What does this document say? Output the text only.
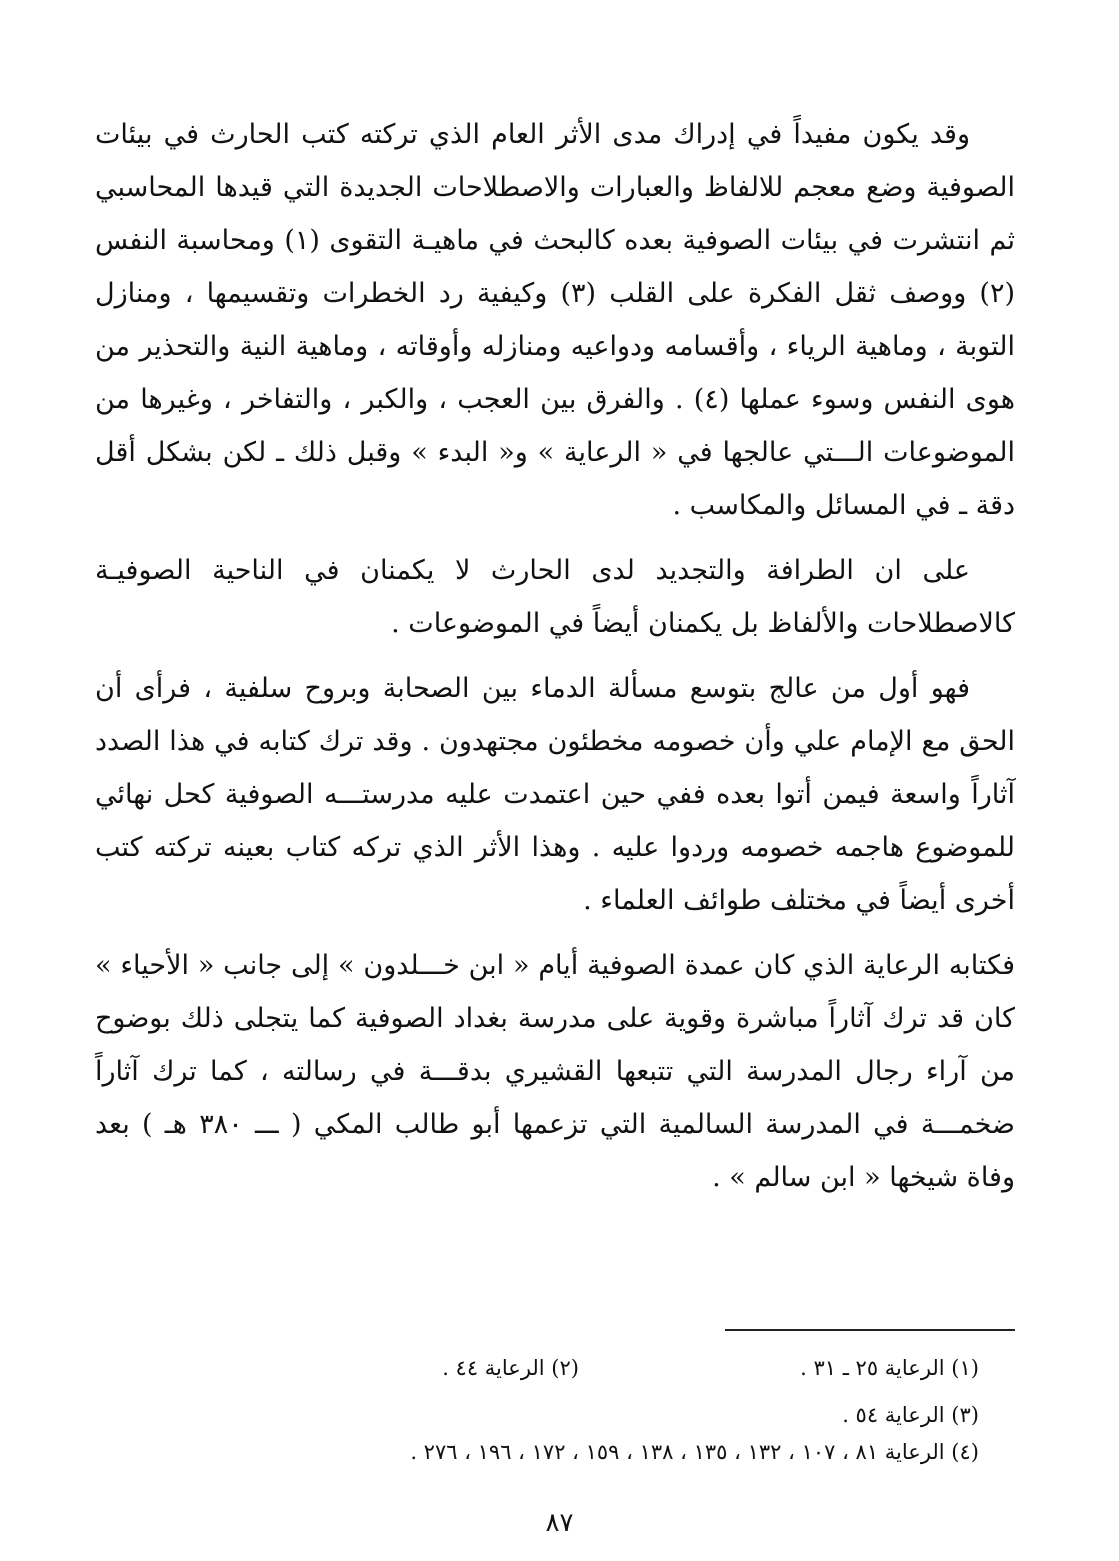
وقد يكون مفيداً في إدراك مدى الأثر العام الذي تركته كتب الحارث في بيئات الصوفية وضع معجم للالفاظ والعبارات والاصطلاحات الجديدة التي قيدها المحاسبي ثم انتشرت في بيئات الصوفية بعده كالبحث في ماهيـة التقوى (١) ومحاسبة النفس (٢) ووصف ثقل الفكرة على القلب (٣) وكيفية رد الخطرات وتقسيمها ، ومنازل التوبة ، وماهية الرياء ، وأقسامه ودواعيه ومنازله وأوقاته ، وماهية النية والتحذير من هوى النفس وسوء عملها (٤) . والفرق بين العجب ، والكبر ، والتفاخر ، وغيرها من الموضوعات الـــتي عالجها في « الرعاية » و« البدء » وقبل ذلك ـ لكن بشكل أقل دقة ـ في المسائل والمكاسب .

على ان الطرافة والتجديد لدى الحارث لا يكمنان في الناحية الصوفيـة كالاصطلاحات والألفاظ بل يكمنان أيضاً في الموضوعات .

فهو أول من عالج بتوسع مسألة الدماء بين الصحابة وبروح سلفية ، فرأى أن الحق مع الإمام علي وأن خصومه مخطئون مجتهدون . وقد ترك كتابه في هذا الصدد آثاراً واسعة فيمن أتوا بعده ففي حين اعتمدت عليه مدرستـــه الصوفية كحل نهائي للموضوع هاجمه خصومه وردوا عليه . وهذا الأثر الذي تركه كتاب بعينه تركته كتب أخرى أيضاً في مختلف طوائف العلماء .

فكتابه الرعاية الذي كان عمدة الصوفية أيام « ابن خـــلدون » إلى جانب « الأحياء » كان قد ترك آثاراً مباشرة وقوية على مدرسة بغداد الصوفية كما يتجلى ذلك بوضوح من آراء رجال المدرسة التي تتبعها القشيري بدقـــة في رسالته ، كما ترك آثاراً ضخمـــة في المدرسة السالمية التي تزعمها أبو طالب المكي ( ـــ ٣٨٠ هـ ) بعد وفاة شيخها « ابن سالم » .

(١) الرعاية ٢٥ ـ ٣١ .
(٢) الرعاية ٤٤ .
(٣) الرعاية ٥٤ .
(٤) الرعاية ٨١ ، ١٠٧ ، ١٣٢ ، ١٣٥ ، ١٣٨ ، ١٥٩ ، ١٧٢ ، ١٩٦ ، ٢٧٦ .
٨٧
